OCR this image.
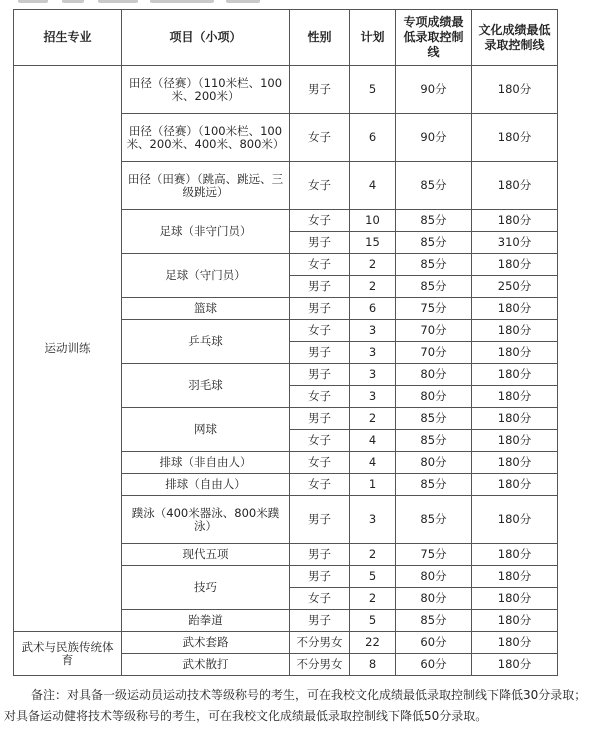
招生专业	项目（小项）	性别	计划	专项成绩最低录取控制线	文化成绩最低录取控制线
运动训练	田径（径赛）（110米栏、100米、200米）	男子	5	90分	180分
	田径（径赛）（100米栏、100米、200米、400米、800米）	女子	6	90分	180分
	田径（田赛）（跳高、跳远、三级跳远）	女子	4	85分	180分
	足球（非守门员）	女子	10	85分	180分
		男子	15	85分	310分
	足球（守门员）	女子	2	85分	180分
		男子	2	85分	250分
	篮球	男子	6	75分	180分
	乒乓球	女子	3	70分	180分
		男子	3	70分	180分
	羽毛球	男子	3	80分	180分
		女子	3	80分	180分
	网球	男子	2	85分	180分
		女子	4	85分	180分
	排球（非自由人）	女子	4	80分	180分
	排球（自由人）	女子	1	85分	180分
	蹼泳（400米器泳、800米蹼泳）	男子	3	85分	180分
	现代五项	男子	2	75分	180分
	技巧	男子	5	80分	180分
		女子	2	80分	180分
	跆拳道	男子	5	85分	180分
武术与民族传统体育	武术套路	不分男女	22	60分	180分
	武术散打	不分男女	8	60分	180分

备注：对具备一级运动员运动技术等级称号的考生，可在我校文化成绩最低录取控制线下降低30分录取；对具备运动健将技术等级称号的考生，可在我校文化成绩最低录取控制线下降低50分录取。
